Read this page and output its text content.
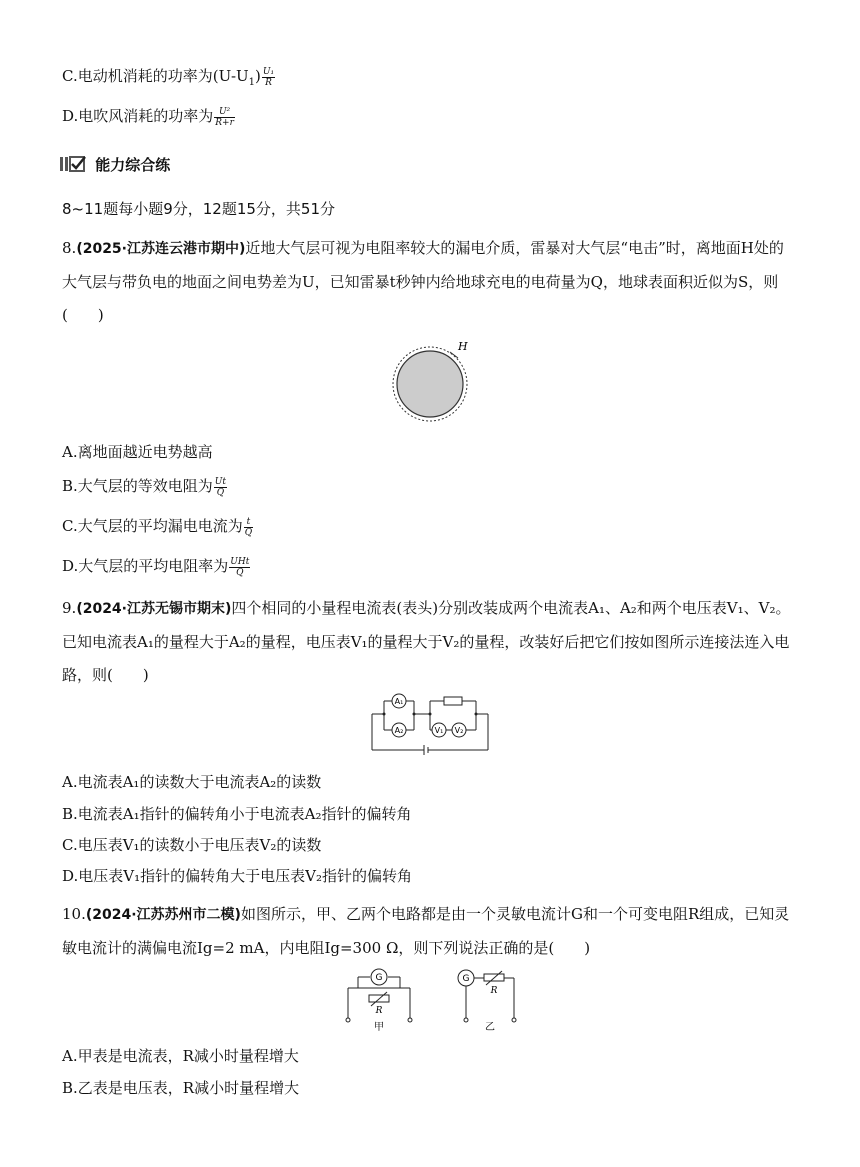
C.电动机消耗的功率为$(U-U_1) \frac{\text{U₁}}{R}$
D.电吹风消耗的功率为 $\frac{\text{U²}}{R+r}$
能力综合练
8~11题每小题9分，12题15分，共51分
8.(2025·江苏连云港市期中)近地大气层可视为电阻率较大的漏电介质，雷暴对大气层“电击”时，离地面H处的大气层与带负电的地面之间电势差为U，已知雷暴t秒钟内给地球充电的电荷量为Q，地球表面积近似为S，则(　　)
H
A.离地面越近电势越高
B.大气层的等效电阻为 $\frac{Ut}{Q}$
C.大气层的平均漏电电流为 $\frac{t}{Q}$
D.大气层的平均电阻率为 $\frac{\text{UHt}}{Q}$
9.(2024·江苏无锡市期末)四个相同的小量程电流表(表头)分别改装成两个电流表A₁、A₂和两个电压表V₁、V₂。已知电流表A₁的量程大于A₂的量程，电压表V₁的量程大于V₂的量程，改装好后把它们按如图所示连接法连入电路，则(　　)
A₁
A₂	V₁ V₂
A.电流表A₁的读数大于电流表A₂的读数
B.电流表A₁指针的偏转角小于电流表A₂指针的偏转角
C.电压表V₁的读数小于电压表V₂的读数
D.电压表V₁指针的偏转角大于电压表V₂指针的偏转角
10.(2024·江苏苏州市二模)如图所示，甲、乙两个电路都是由一个灵敏电流计G和一个可变电阻R组成，已知灵敏电流计的满偏电流Ig=2 mA，内电阻Ig=300 Ω，则下列说法正确的是(　　)
G	G
R
R
甲	乙
A.甲表是电流表，R减小时量程增大
B.乙表是电压表，R减小时量程增大
